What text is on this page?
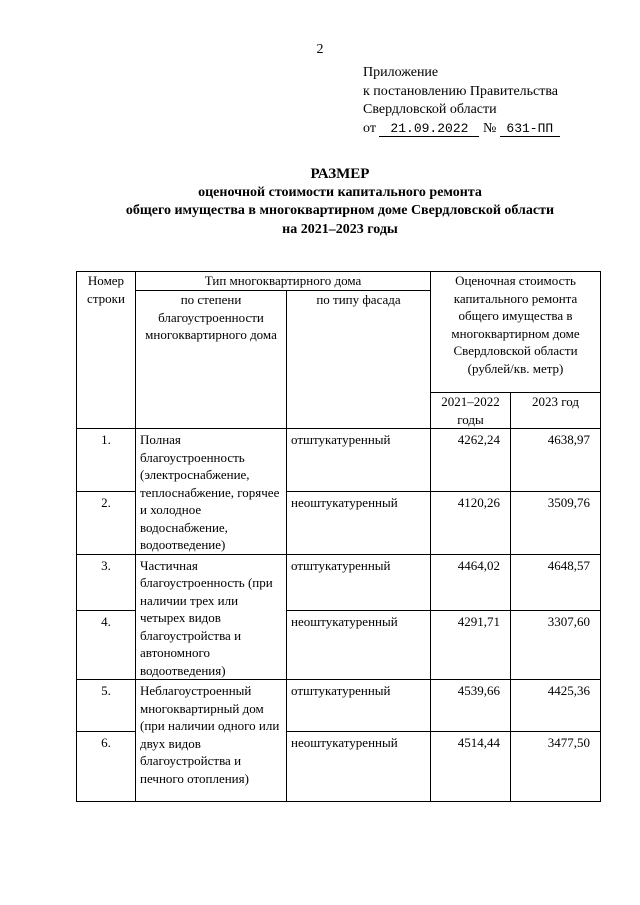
2
Приложение
к постановлению Правительства
Свердловской области
от 21.09.2022 № 631-ПП
РАЗМЕР
оценочной стоимости капитального ремонта
общего имущества в многоквартирном доме Свердловской области
на 2021–2023 годы
Номер строки	Тип многоквартирного дома		Оценочная стоимость капитального ремонта общего имущества в многоквартирном доме Свердловской области (рублей/кв. метр)	
	по степени благоустроенности многоквартирного дома	по типу фасада		
			2021–2022 годы	2023 год
1.	Полная благоустроенность (электроснабжение, теплоснабжение, горячее и холодное водоснабжение, водоотведение)	отштукатуренный	4262,24	4638,97
2.		неоштукатуренный	4120,26	3509,76
3.	Частичная благоустроенность (при наличии трех или четырех видов благоустройства и автономного водоотведения)	отштукатуренный	4464,02	4648,57
4.		неоштукатуренный	4291,71	3307,60
5.	Неблагоустроенный многоквартирный дом (при наличии одного или двух видов благоустройства и печного отопления)	отштукатуренный	4539,66	4425,36
6.		неоштукатуренный	4514,44	3477,50
